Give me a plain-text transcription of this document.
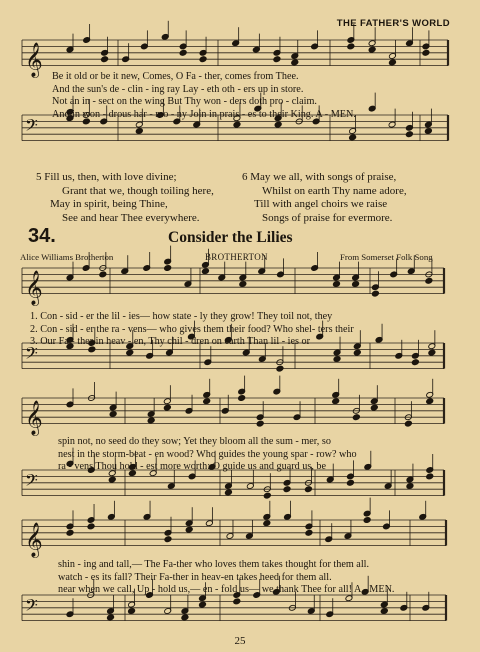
THE FATHER'S WORLD
𝄞
𝄢
𝄞
𝄢
𝄞
𝄢
𝄞
𝄢
Be it old or be it new, Comes, O Fa - ther, comes from Thee.
And the sun's de - clin - ing ray Lay - eth oth - ers up in store.
Not an in - sect on the wing But Thy won - ders doth pro - claim.
And in won - drous har - mo - ny Join in prais - es to their King. A - MEN.
5 Fill us, then, with love divine;
Grant that we, though toiling here,
May in spirit, being Thine,
See and hear Thee everywhere.
6 May we all, with songs of praise,
Whilst on earth Thy name adore,
Till with angel choirs we raise
Songs of praise for evermore.
34.	Consider the Lilies
Alice Williams Brotherton	BROTHERTON	From Somerset Folk Song
1. Con - sid - er the lil - ies— how state - ly they grow! They toil not, they
2. Con - sid - er the ra - vens— who gives them their food? Who shel- ters their
3. Our Fa - ther in heav - en, Thy chil - dren on earth Than lil - ies or
spin not, no seed do they sow; Yet they bloom all the sum - mer, so
nest in the storm-beat - en wood? Who guides the young spar - row? who
ra - vens Thou hold - est more worth: O guide us and guard us, be
shin - ing and tall,— The Fa-ther who loves them takes thought for them all.
watch - es its fall? Their Fa-ther in heav-en takes heed for them all.
near when we call, Up - hold us,— en - fold us— we thank Thee for all! A - MEN.
25
